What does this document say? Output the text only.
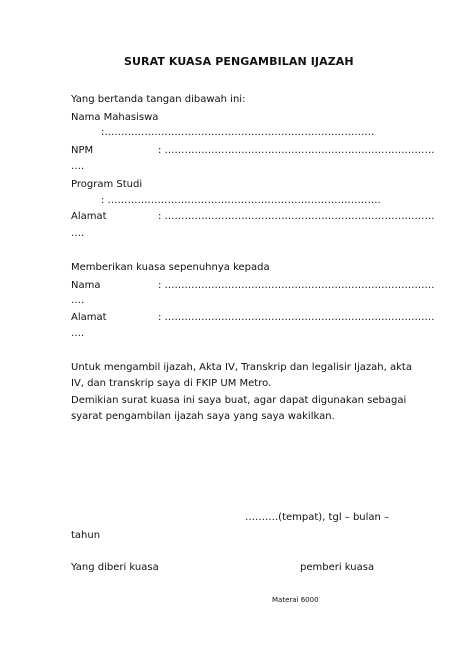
SURAT KUASA PENGAMBILAN IJAZAH
Yang bertanda tangan dibawah ini:
Nama Mahasiswa
:………………………………………………………………………
NPM	: ………………………………………………………………………
….
Program Studi
: ……………………………………………………………………….
Alamat	: ………………………………………………………………………
….
Memberikan kuasa sepenuhnya kepada
Nama	: ………………………………………………………………………
….
Alamat	: ………………………………………………………………………
….
Untuk mengambil ijazah, Akta IV, Transkrip dan legalisir Ijazah, akta
IV, dan transkrip saya di FKIP UM Metro.
Demikian surat kuasa ini saya buat, agar dapat digunakan sebagai
syarat pengambilan ijazah saya yang saya wakilkan.
……….(tempat), tgl – bulan –
tahun
Yang diberi kuasa	pemberi kuasa
Materai 6000
